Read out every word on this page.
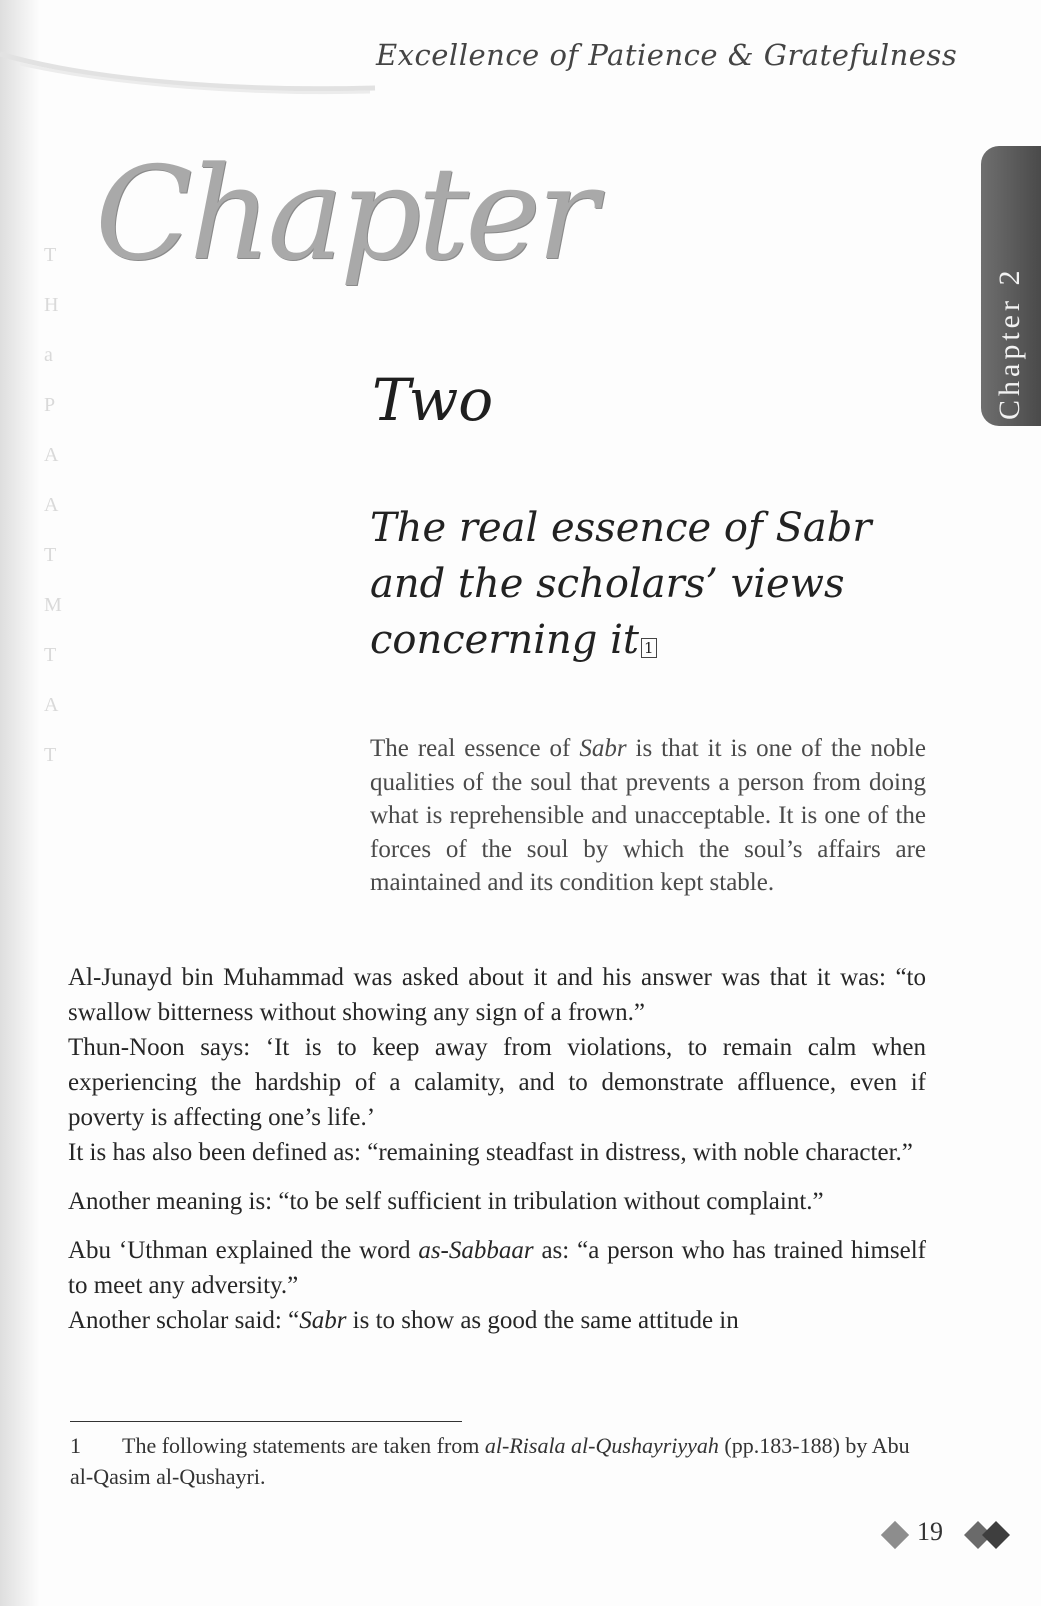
T
H
a
P
A
A
T
M
T
A
T
Excellence of Patience & Gratefulness
Chapter
Two	Chapter 2
The real essence of Sabr
and the scholars’ views
concerning it 1

The real essence of Sabr is that it is one of the noble qualities of the soul that prevents a person from doing what is reprehensible and unacceptable. It is one of the forces of the soul by which the soul’s affairs are maintained and its condition kept stable.

Al-Junayd bin Muhammad was asked about it and his answer was that it was: “to swallow bitterness without showing any sign of a frown.”

Thun-Noon says: ‘It is to keep away from violations, to remain calm when experiencing the hardship of a calamity, and to demonstrate affluence, even if poverty is affecting one’s life.’

It is has also been defined as: “remaining steadfast in distress, with noble character.”

Another meaning is: “to be self sufficient in tribulation without complaint.”

Abu ‘Uthman explained the word as-Sabbaar as: “a person who has trained himself to meet any adversity.”

Another scholar said: “Sabr is to show as good the same attitude in

1 The following statements are taken from al-Risala al-Qushayriyyah (pp.183-188) by Abu al-Qasim al-Qushayri.
19
